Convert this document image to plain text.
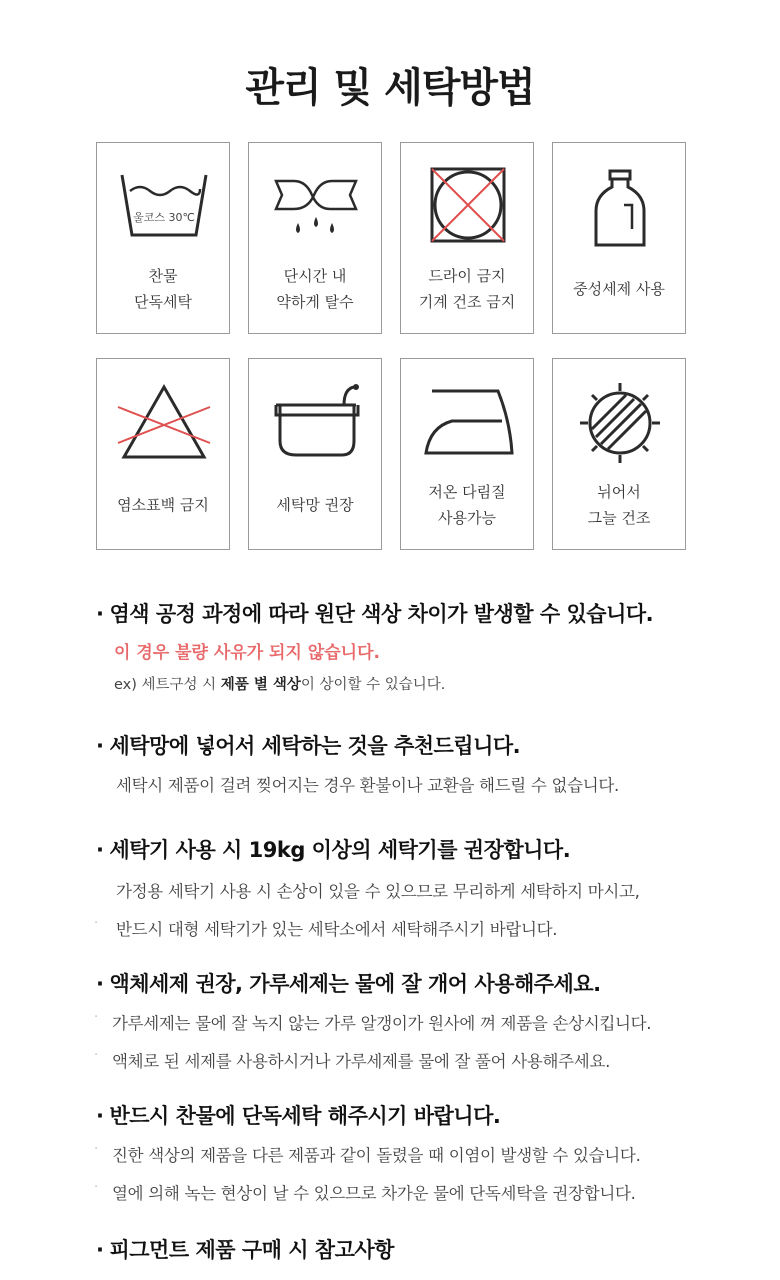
관리 및 세탁방법
울코스 30℃
찬물
단독세탁
단시간 내
약하게 탈수
드라이 금지
기계 건조 금지
중성세제 사용
염소표백 금지	세탁망 권장
저온 다림질
사용가능
뉘어서
그늘 건조
· 염색 공정 과정에 따라 원단 색상 차이가 발생할 수 있습니다.
이 경우 불량 사유가 되지 않습니다.
ex) 세트구성 시 제품 별 색상이 상이할 수 있습니다.
· 세탁망에 넣어서 세탁하는 것을 추천드립니다.
세탁시 제품이 걸려 찢어지는 경우 환불이나 교환을 해드릴 수 없습니다.
· 세탁기 사용 시 19kg 이상의 세탁기를 권장합니다.
가정용 세탁기 사용 시 손상이 있을 수 있으므로 무리하게 세탁하지 마시고,
· 반드시 대형 세탁기가 있는 세탁소에서 세탁해주시기 바랍니다.
· 액체세제 권장, 가루세제는 물에 잘 개어 사용해주세요.
· 가루세제는 물에 잘 녹지 않는 가루 알갱이가 원사에 껴 제품을 손상시킵니다.
· 액체로 된 세제를 사용하시거나 가루세제를 물에 잘 풀어 사용해주세요.
· 반드시 찬물에 단독세탁 해주시기 바랍니다.
· 진한 색상의 제품을 다른 제품과 같이 돌렸을 때 이염이 발생할 수 있습니다.
· 열에 의해 녹는 현상이 날 수 있으므로 차가운 물에 단독세탁을 권장합니다.
· 피그먼트 제품 구매 시 참고사항
